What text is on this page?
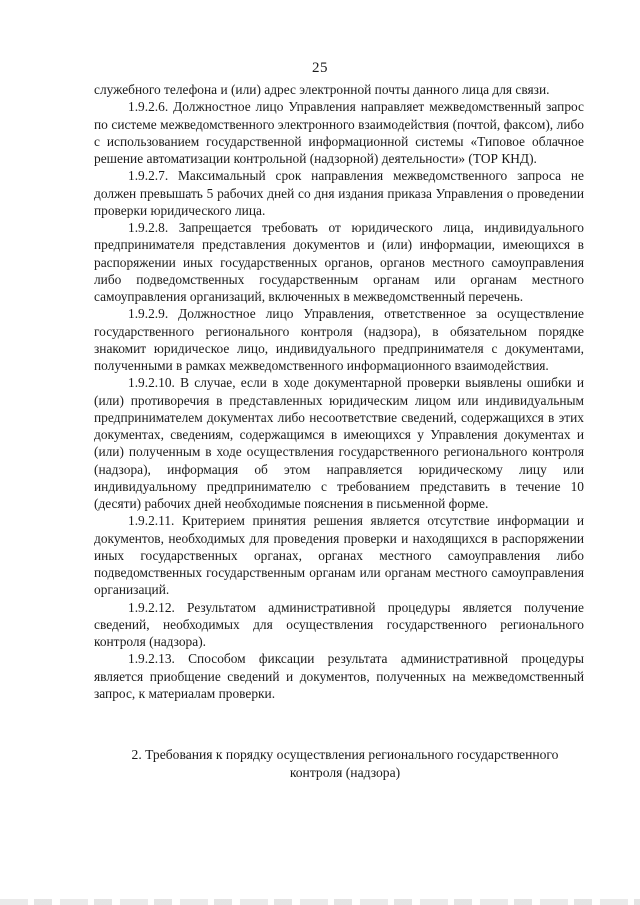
25

служебного телефона и (или) адрес электронной почты данного лица для связи.

1.9.2.6. Должностное лицо Управления направляет межведомственный запрос по системе межведомственного электронного взаимодействия (почтой, факсом), либо с использованием государственной информационной системы «Типовое облачное решение автоматизации контрольной (надзорной) деятельности» (ТОР КНД).

1.9.2.7. Максимальный срок направления межведомственного запроса не должен превышать 5 рабочих дней со дня издания приказа Управления о проведении проверки юридического лица.

1.9.2.8. Запрещается требовать от юридического лица, индивидуального предпринимателя представления документов и (или) информации, имеющихся в распоряжении иных государственных органов, органов местного самоуправления либо подведомственных государственным органам или органам местного самоуправления организаций, включенных в межведомственный перечень.

1.9.2.9. Должностное лицо Управления, ответственное за осуществление государственного регионального контроля (надзора), в обязательном порядке знакомит юридическое лицо, индивидуального предпринимателя с документами, полученными в рамках межведомственного информационного взаимодействия.

1.9.2.10. В случае, если в ходе документарной проверки выявлены ошибки и (или) противоречия в представленных юридическим лицом или индивидуальным предпринимателем документах либо несоответствие сведений, содержащихся в этих документах, сведениям, содержащимся в имеющихся у Управления документах и (или) полученным в ходе осуществления государственного регионального контроля (надзора), информация об этом направляется юридическому лицу или индивидуальному предпринимателю с требованием представить в течение 10 (десяти) рабочих дней необходимые пояснения в письменной форме.

1.9.2.11. Критерием принятия решения является отсутствие информации и документов, необходимых для проведения проверки и находящихся в распоряжении иных государственных органах, органах местного самоуправления либо подведомственных государственным органам или органам местного самоуправления организаций.

1.9.2.12. Результатом административной процедуры является получение сведений, необходимых для осуществления государственного регионального контроля (надзора).

1.9.2.13. Способом фиксации результата административной процедуры является приобщение сведений и документов, полученных на межведомственный запрос, к материалам проверки.

2. Требования к порядку осуществления регионального государственного
контроля (надзора)
